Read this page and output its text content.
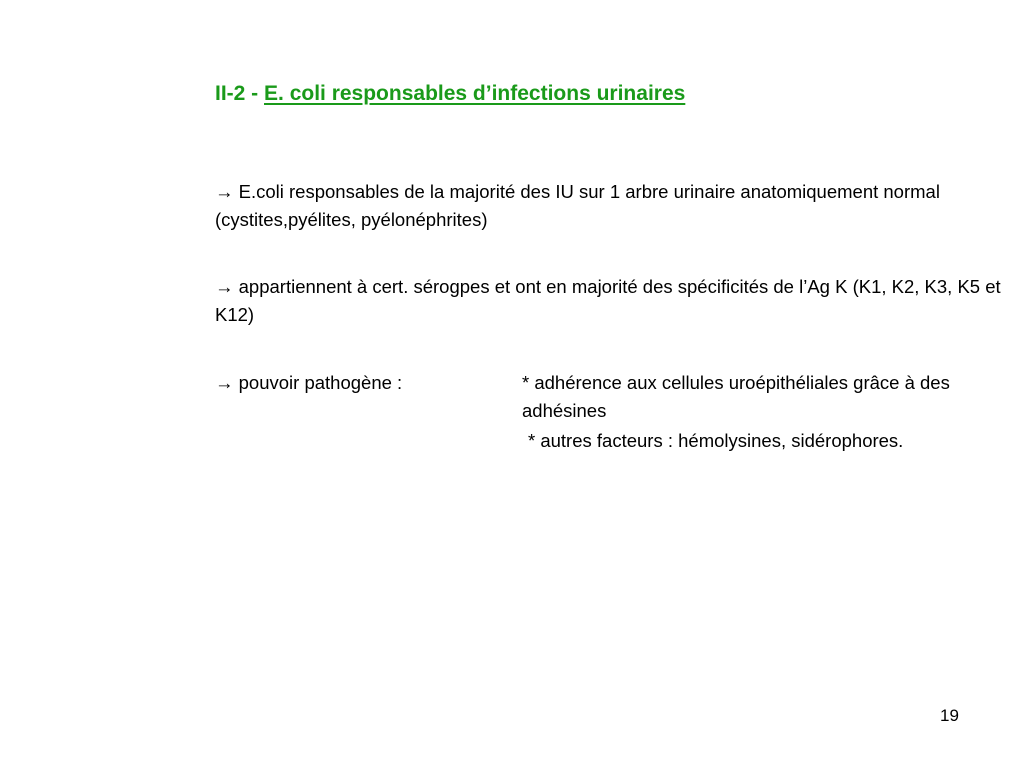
II-2 - E. coli responsables d’infections urinaires
→ E.coli responsables de la majorité des IU sur 1 arbre urinaire anatomiquement normal (cystites,pyélites, pyélonéphrites)
→ appartiennent à cert. sérogpes et ont en majorité des spécificités de l’Ag K (K1, K2, K3, K5 et K12)
→ pouvoir pathogène :	* adhérence aux cellules uroépithéliales grâce à des adhésines
* autres facteurs : hémolysines, sidérophores.
19
